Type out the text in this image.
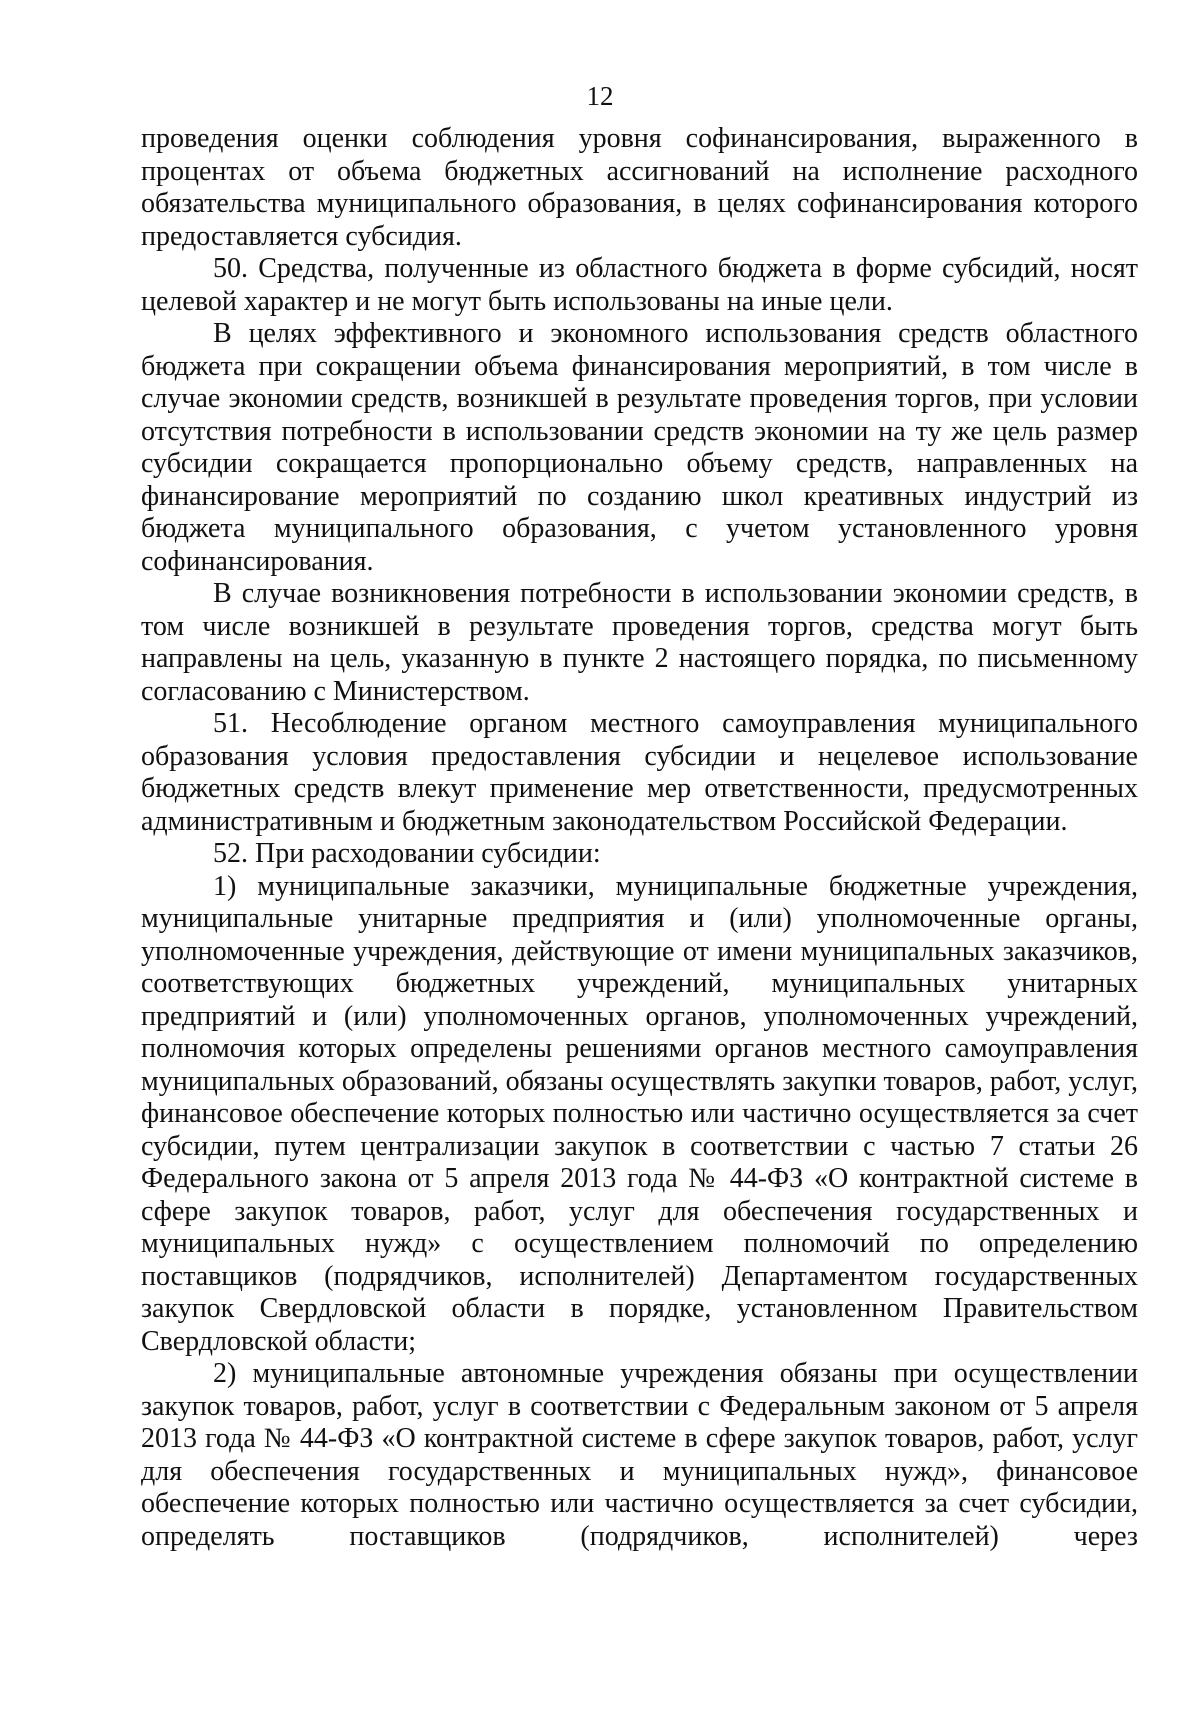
12

проведения оценки соблюдения уровня софинансирования, выраженного в процентах от объема бюджетных ассигнований на исполнение расходного обязательства муниципального образования, в целях софинансирования которого предоставляется субсидия.

50. Средства, полученные из областного бюджета в форме субсидий, носят целевой характер и не могут быть использованы на иные цели.

В целях эффективного и экономного использования средств областного бюджета при сокращении объема финансирования мероприятий, в том числе в случае экономии средств, возникшей в результате проведения торгов, при условии отсутствия потребности в использовании средств экономии на ту же цель размер субсидии сокращается пропорционально объему средств, направленных на финансирование мероприятий по созданию школ креативных индустрий из бюджета муниципального образования, с учетом установленного уровня софинансирования.

В случае возникновения потребности в использовании экономии средств, в том числе возникшей в результате проведения торгов, средства могут быть направлены на цель, указанную в пункте 2 настоящего порядка, по письменному согласованию с Министерством.

51. Несоблюдение органом местного самоуправления муниципального образования условия предоставления субсидии и нецелевое использование бюджетных средств влекут применение мер ответственности, предусмотренных административным и бюджетным законодательством Российской Федерации.

52. При расходовании субсидии:

1) муниципальные заказчики, муниципальные бюджетные учреждения, муниципальные унитарные предприятия и (или) уполномоченные органы, уполномоченные учреждения, действующие от имени муниципальных заказчиков, соответствующих бюджетных учреждений, муниципальных унитарных предприятий и (или) уполномоченных органов, уполномоченных учреждений, полномочия которых определены решениями органов местного самоуправления муниципальных образований, обязаны осуществлять закупки товаров, работ, услуг, финансовое обеспечение которых полностью или частично осуществляется за счет субсидии, путем централизации закупок в соответствии с частью 7 статьи 26 Федерального закона от 5 апреля 2013 года № 44-ФЗ «О контрактной системе в сфере закупок товаров, работ, услуг для обеспечения государственных и муниципальных нужд» с осуществлением полномочий по определению поставщиков (подрядчиков, исполнителей) Департаментом государственных закупок Свердловской области в порядке, установленном Правительством Свердловской области;

2) муниципальные автономные учреждения обязаны при осуществлении закупок товаров, работ, услуг в соответствии с Федеральным законом от 5 апреля 2013 года № 44-ФЗ «О контрактной системе в сфере закупок товаров, работ, услуг для обеспечения государственных и муниципальных нужд», финансовое обеспечение которых полностью или частично осуществляется за счет субсидии, определять поставщиков (подрядчиков, исполнителей) через
